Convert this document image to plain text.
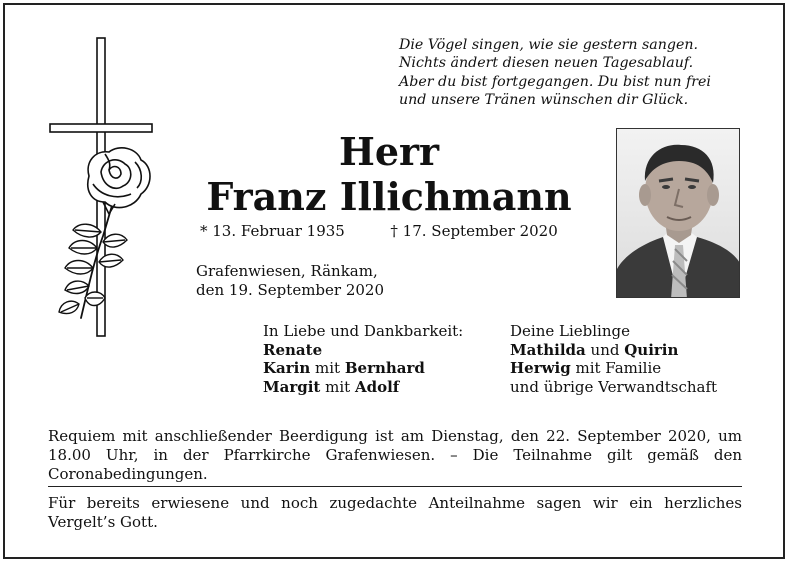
Die Vögel singen, wie sie gestern sangen.
Nichts ändert diesen neuen Tagesablauf.
Aber du bist fortgegangen. Du bist nun frei
und unsere Tränen wünschen dir Glück.
Herr
Franz Illichmann
* 13. Februar 1935	† 17. September 2020
Grafenwiesen, Ränkam,
den 19. September 2020
In Liebe und Dankbarkeit:
Renate
Karin mit Bernhard
Margit mit Adolf
Deine Lieblinge
Mathilda und Quirin
Herwig mit Familie
und übrige Verwandtschaft
Requiem mit anschließender Beerdigung ist am Dienstag, den 22. September 2020, um 18.00 Uhr, in der Pfarrkirche Grafenwiesen. – Die Teilnahme gilt gemäß den Coronabedingungen.
Für bereits erwiesene und noch zugedachte Anteilnahme sagen wir ein herzliches Vergelt’s Gott.
